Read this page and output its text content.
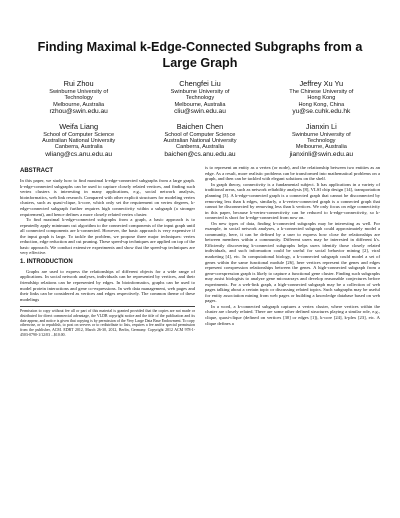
Finding Maximal k-Edge-Connected Subgraphs from a Large Graph
Rui Zhou
Swinburne University of
Technology
Melbourne, Australia
rzhou@swin.edu.au
Chengfei Liu
Swinburne University of
Technology
Melbourne, Australia
cliu@swin.edu.au
Jeffrey Xu Yu
The Chinese University of
Hong Kong
Hong Kong, China
yu@se.cuhk.edu.hk
Weifa Liang
School of Computer Science
Australian National University
Canberra, Australia
wliang@cs.anu.edu.au
Baichen Chen
School of Computer Science
Australian National University
Canberra, Australia
baichen@cs.anu.edu.au
Jianxin Li
Swinburne University of
Technology
Melbourne, Australia
jianxinli@swin.edu.au
ABSTRACT

In this paper, we study how to find maximal k-edge-connected subgraphs from a large graph. k-edge-connected subgraphs can be used to capture closely related vertices, and finding such vertex clusters is interesting in many applications, e.g., social network analysis, bioinformatics, web link research. Compared with other explicit structures for modeling vertex clusters, such as quasi-clique, k-core, which only set the requirement on vertex degrees, k-edge-connected subgraph further requires high connectivity within a subgraph (a stronger requirement), and hence defines a more closely related vertex cluster.

To find maximal k-edge-connected subgraphs from a graph, a basic approach is to repeatedly apply minimum cut algorithm to the connected components of the input graph until all connected components are k-connected. However, the basic approach is very expensive if the input graph is large. To tackle the problem, we propose three major techniques: vertex reduction, edge reduction and cut pruning. These speed-up techniques are applied on top of the basic approach. We conduct extensive experiments and show that the speed-up techniques are very effective.

1. INTRODUCTION

Graphs are used to express the relationships of different objects for a wide range of applications. In social network analyses, individuals can be represented by vertices, and their friendship relations can be represented by edges. In bioinformatics, graphs can be used to model protein interactions and gene co-expressions. In web data management, web pages and their links can be considered as vertices and edges respectively. The common theme of these modelings

Permission to copy without fee all or part of this material is granted provided that the copies are not made or distributed for direct commercial advantage, the VLDB copyright notice and the title of the publication and its date appear, and notice is given that copying is by permission of the Very Large Data Base Endowment. To copy otherwise, or to republish, to post on servers or to redistribute to lists, requires a fee and/or special permission from the publisher, ACM. EDBT 2012, March 26-30, 2012, Berlin, Germany. Copyright 2012 ACM 978-1-4503-0790-1/12/03 ...$10.00.

is to represent an entity as a vertex (or node), and the relationship between two entities as an edge. As a result, more realistic problems can be transformed into mathematical problems on a graph, and then can be tackled with elegant solutions on the shelf.

In graph theory, connectivity is a fundamental subject. It has applications in a variety of traditional areas, such as network reliability analysis [8], VLSI chip design [14], transportation planning [3]. A k-edge-connected graph is a connected graph that cannot be disconnected by removing less than k edges, similarly, a k-vertex-connected graph is a connected graph that cannot be disconnected by removing less than k vertices. We only focus on edge connectivity in this paper, because k-vertex-connectivity can be reduced to k-edge-connectivity, so k-connected is short for k-edge-connected from now on.

On new types of data, finding k-connected subgraphs may be interesting as well. For example, in social network analyses, a k-connected subgraph could approximately model a community, here, it can be defined by a user to express how close the relationships are between members within a community. Different users may be interested in different k's. Efficiently discovering k-connected subgraphs helps users identify those closely related individuals, and such information could be useful for social behavior mining [2], viral marketing [4], etc. In computational biology, a k-connected subgraph could model a set of genes within the same functional module [26], here vertices represent the genes and edges represent coexpression relationships between the genes. A high-connected subgraph from a gene-coexpression graph is likely to capture a functional gene cluster. Finding such subgraphs may assist biologists to analyze gene microarrays and develop reasonable conjectures before experiments. For a web-link graph, a high-connected subgraph may be a collection of web pages talking about a certain topic or discussing related topics. Such subgraphs may be useful for entity association mining from web pages or building a knowledge database based on web pages.

In a word, a k-connected subgraph captures a vertex cluster, where vertices within the cluster are closely related. There are some other defined structures playing a similar role, e.g., clique, quasi-clique (defined on vertices [30] or edges [1]), k-core [24], k-plex [23], etc. A clique defines a
